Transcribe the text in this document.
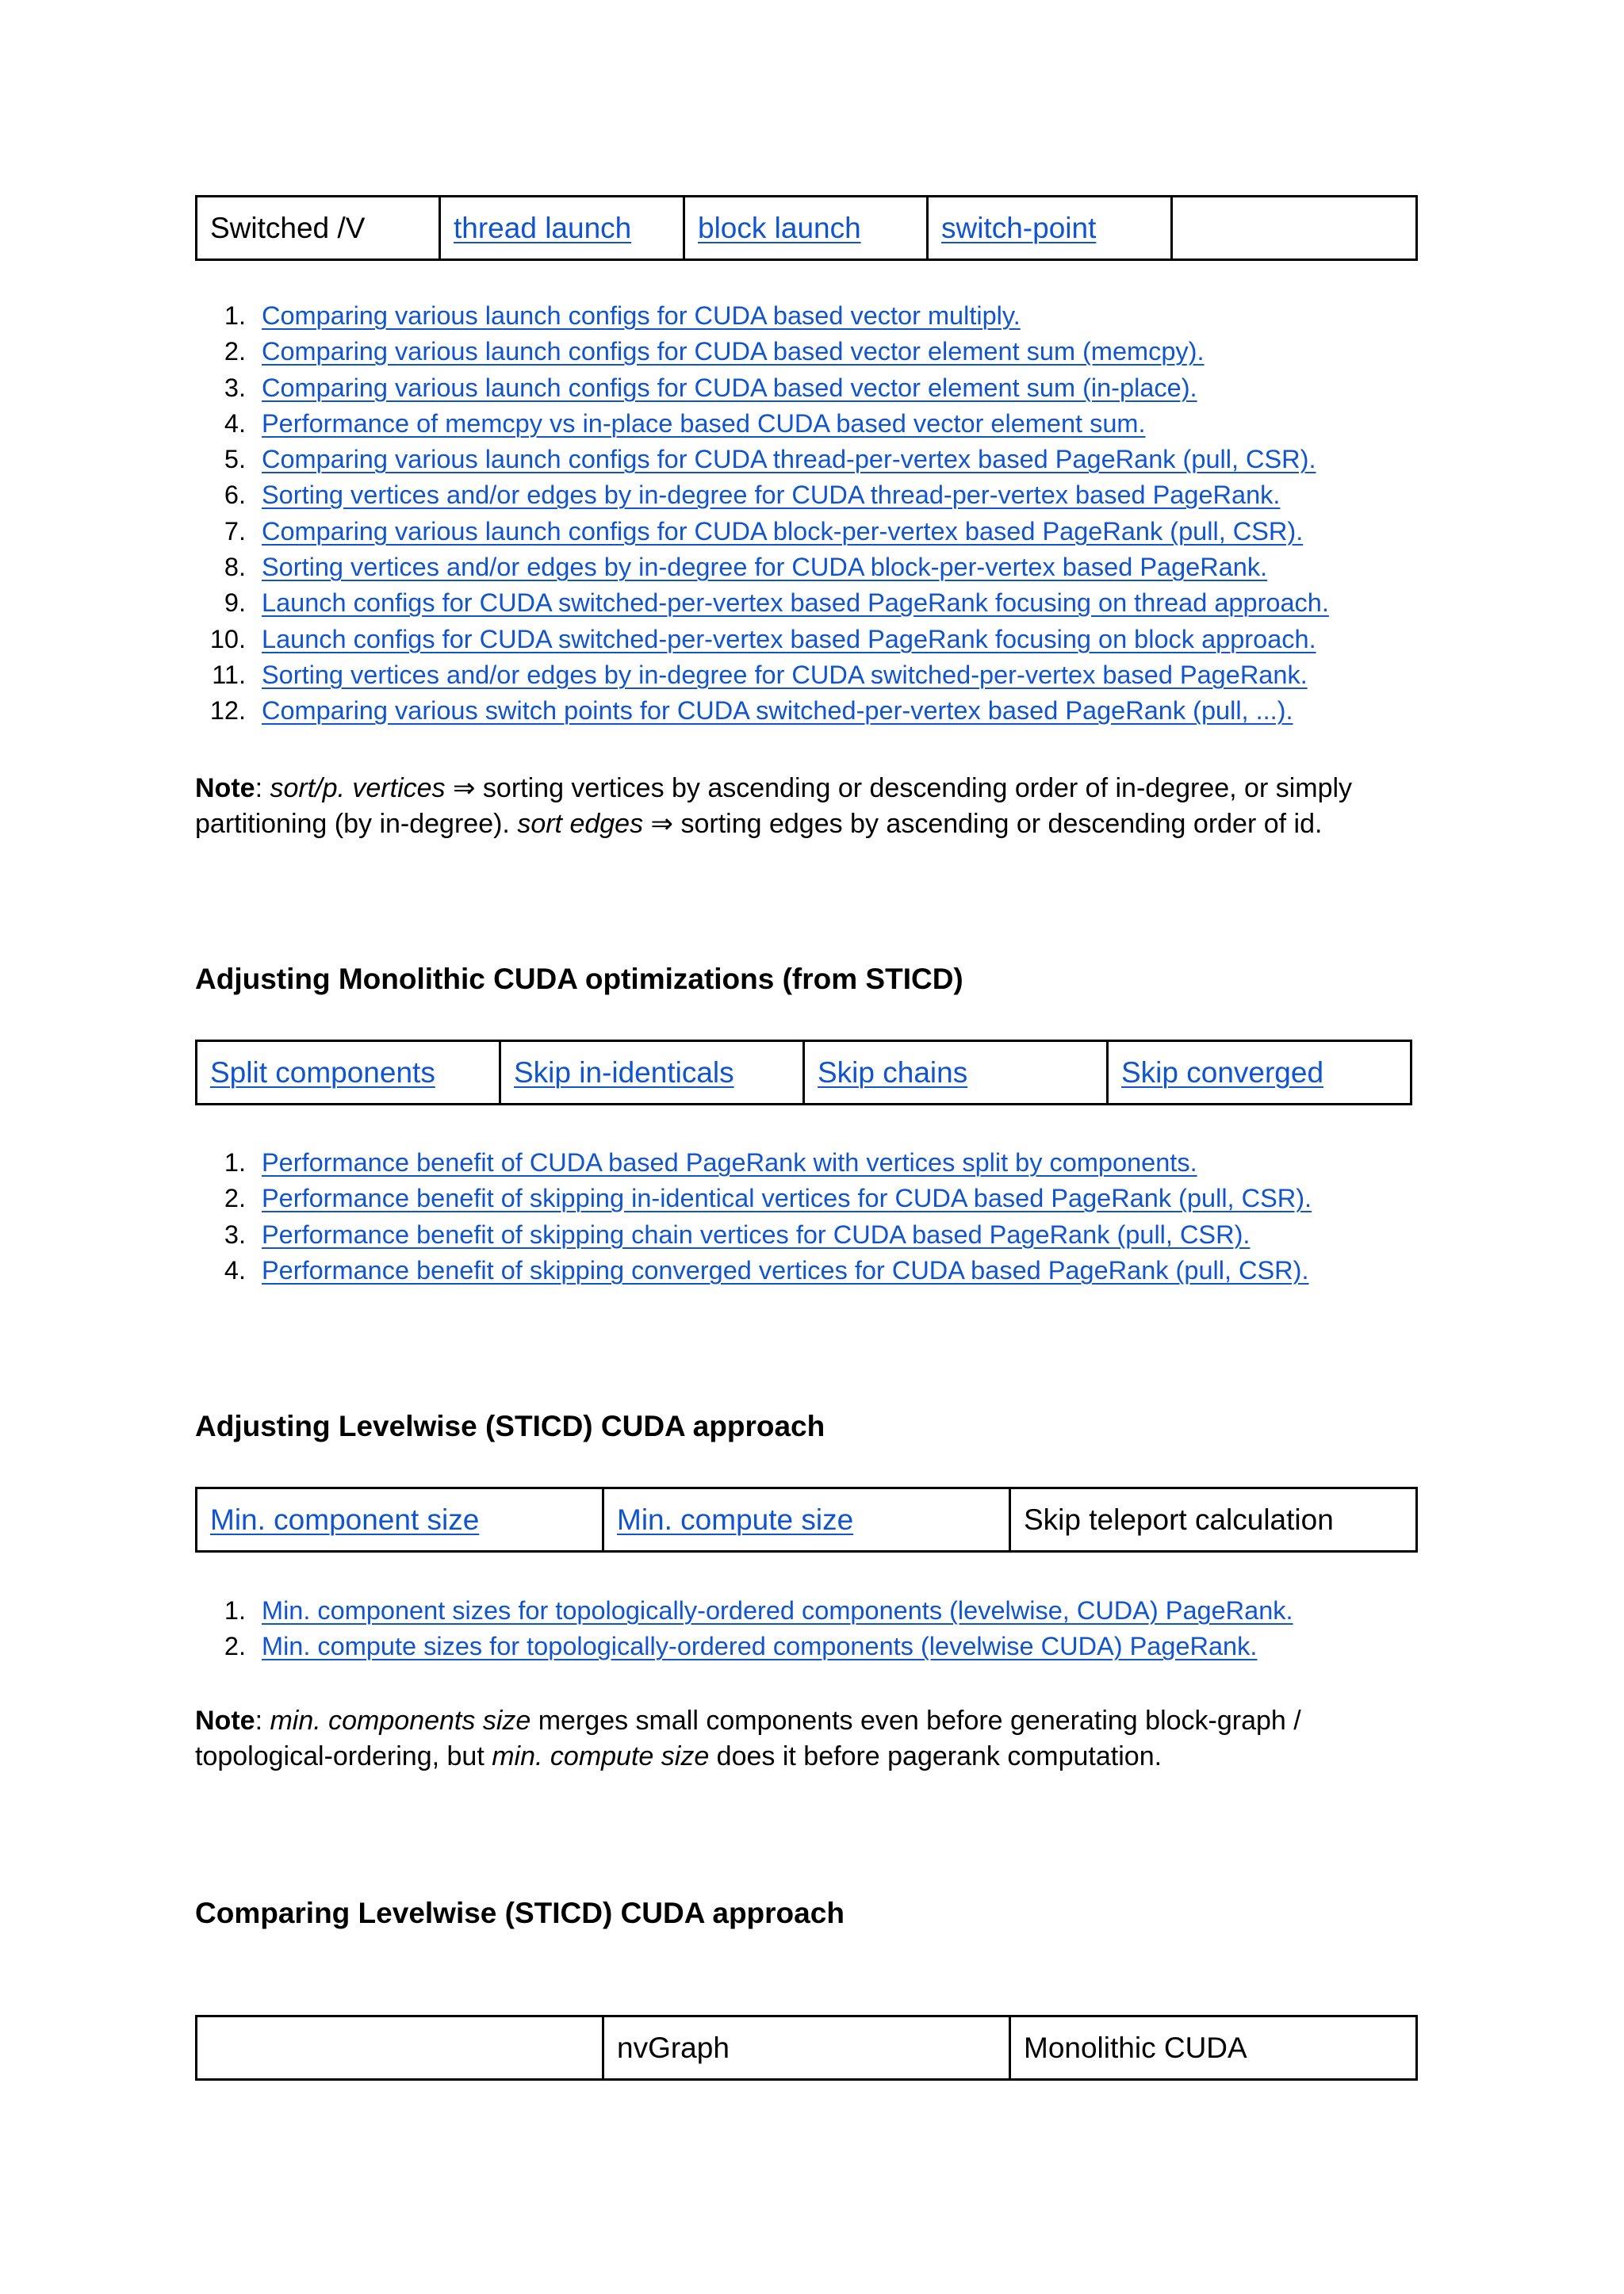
Switched /V	thread launch	block launch	switch-point	
1. Comparing various launch configs for CUDA based vector multiply.
2. Comparing various launch configs for CUDA based vector element sum (memcpy).
3. Comparing various launch configs for CUDA based vector element sum (in-place).
4. Performance of memcpy vs in-place based CUDA based vector element sum.
5. Comparing various launch configs for CUDA thread-per-vertex based PageRank (pull, CSR).
6. Sorting vertices and/or edges by in-degree for CUDA thread-per-vertex based PageRank.
7. Comparing various launch configs for CUDA block-per-vertex based PageRank (pull, CSR).
8. Sorting vertices and/or edges by in-degree for CUDA block-per-vertex based PageRank.
9. Launch configs for CUDA switched-per-vertex based PageRank focusing on thread approach.
10. Launch configs for CUDA switched-per-vertex based PageRank focusing on block approach.
11. Sorting vertices and/or edges by in-degree for CUDA switched-per-vertex based PageRank.
12. Comparing various switch points for CUDA switched-per-vertex based PageRank (pull, ...).
Note: sort/p. vertices ⇒ sorting vertices by ascending or descending order of in-degree, or simply partitioning (by in-degree). sort edges ⇒ sorting edges by ascending or descending order of id.
Adjusting Monolithic CUDA optimizations (from STICD)
Split components	Skip in-identicals	Skip chains	Skip converged
1. Performance benefit of CUDA based PageRank with vertices split by components.
2. Performance benefit of skipping in-identical vertices for CUDA based PageRank (pull, CSR).
3. Performance benefit of skipping chain vertices for CUDA based PageRank (pull, CSR).
4. Performance benefit of skipping converged vertices for CUDA based PageRank (pull, CSR).
Adjusting Levelwise (STICD) CUDA approach
Min. component size	Min. compute size	Skip teleport calculation
1. Min. component sizes for topologically-ordered components (levelwise, CUDA) PageRank.
2. Min. compute sizes for topologically-ordered components (levelwise CUDA) PageRank.
Note: min. components size merges small components even before generating block-graph / topological-ordering, but min. compute size does it before pagerank computation.
Comparing Levelwise (STICD) CUDA approach
	nvGraph	Monolithic CUDA
